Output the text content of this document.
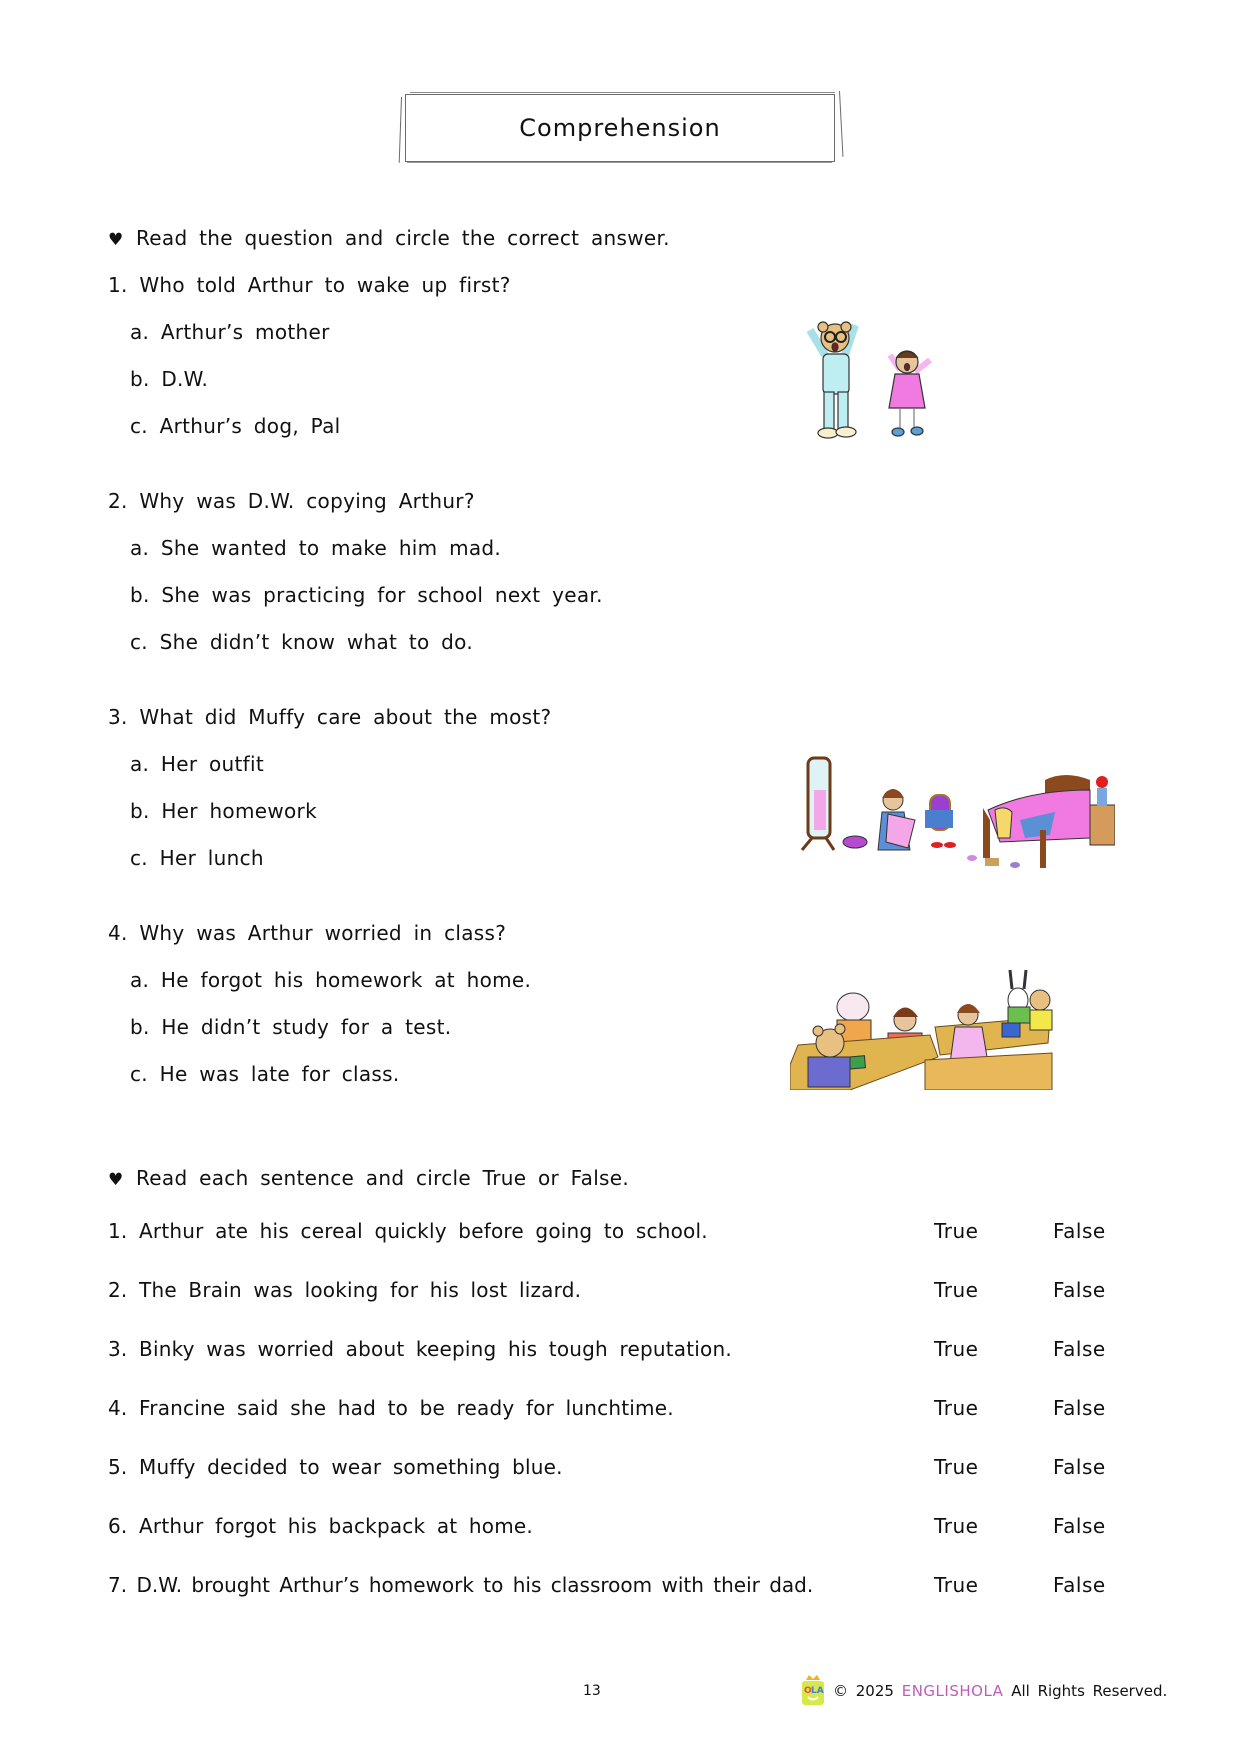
Comprehension
♥ Read the question and circle the correct answer.
1. Who told Arthur to wake up first?
a. Arthur’s mother
b. D.W.
c. Arthur’s dog, Pal
2. Why was D.W. copying Arthur?
a. She wanted to make him mad.
b. She was practicing for school next year.
c. She didn’t know what to do.
3. What did Muffy care about the most?
a. Her outfit
b. Her homework
c. Her lunch
4. Why was Arthur worried in class?
a. He forgot his homework at home.
b. He didn’t study for a test.
c. He was late for class.
♥ Read each sentence and circle True or False.
1. Arthur ate his cereal quickly before going to school.	True	False
2. The Brain was looking for his lost lizard.	True	False
3. Binky was worried about keeping his tough reputation.	True	False
4. Francine said she had to be ready for lunchtime.	True	False
5. Muffy decided to wear something blue.	True	False
6. Arthur forgot his backpack at home.	True	False
7. D.W. brought Arthur’s homework to his classroom with their dad.	True	False
13	O LA © 2025 ENGLISHOLA All Rights Reserved.
